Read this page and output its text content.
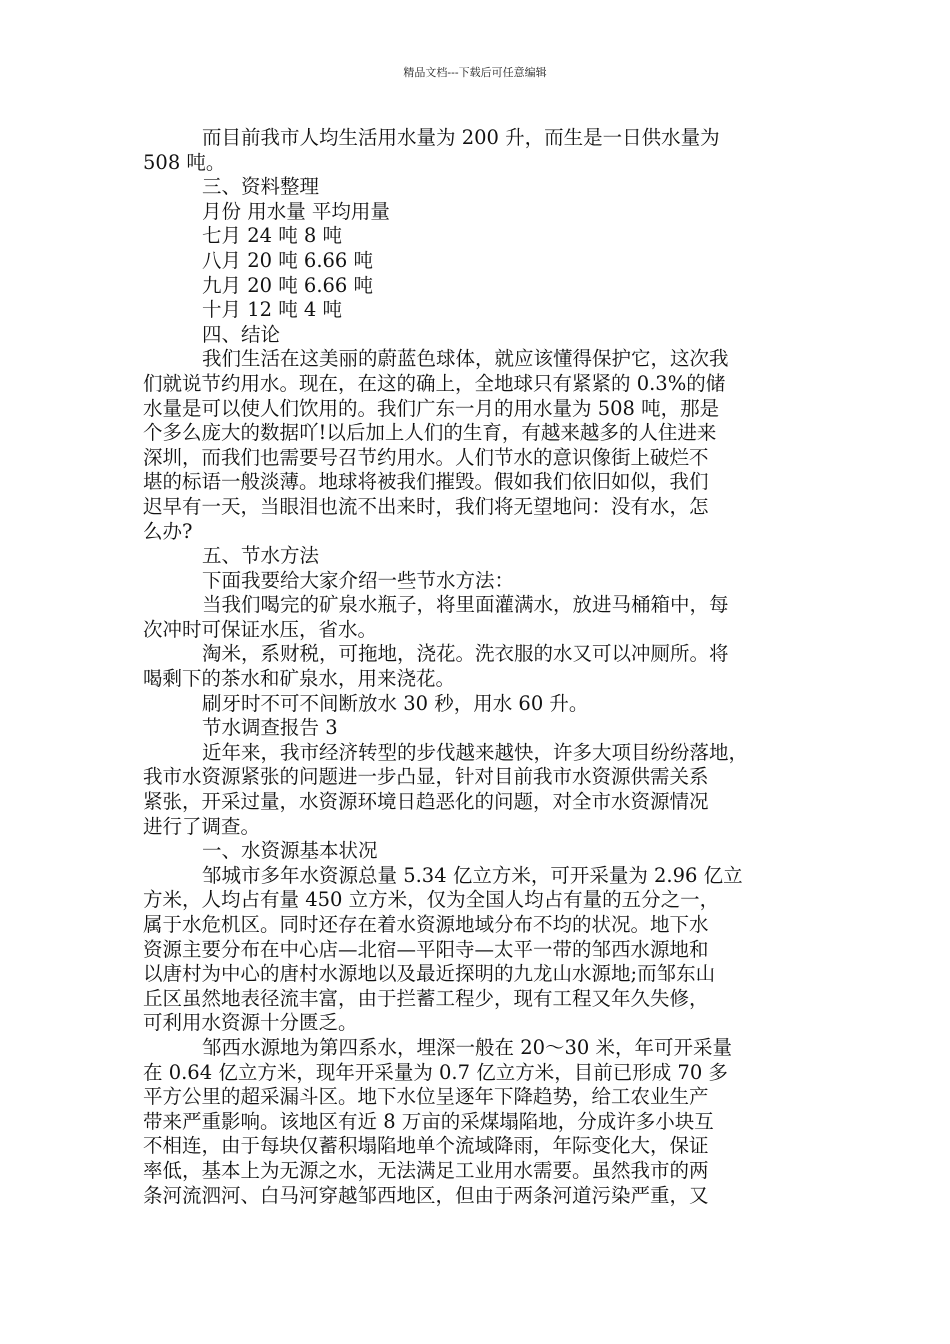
精品文档---下载后可任意编辑

而目前我市人均生活用水量为 200 升，而生是一日供水量为

508 吨。

三、资料整理

月份 用水量 平均用量

七月 24 吨 8 吨

八月 20 吨 6.66 吨

九月 20 吨 6.66 吨

十月 12 吨 4 吨

四、结论

我们生活在这美丽的蔚蓝色球体，就应该懂得保护它，这次我

们就说节约用水。现在，在这的确上，全地球只有紧紧的 0.3%的储

水量是可以使人们饮用的。我们广东一月的用水量为 508 吨，那是

个多么庞大的数据吖!以后加上人们的生育，有越来越多的人住进来

深圳，而我们也需要号召节约用水。人们节水的意识像街上破烂不

堪的标语一般淡薄。地球将被我们摧毁。假如我们依旧如似，我们

迟早有一天，当眼泪也流不出来时，我们将无望地问：没有水，怎

么办?

五、节水方法

下面我要给大家介绍一些节水方法：

当我们喝完的矿泉水瓶子，将里面灌满水，放进马桶箱中，每

次冲时可保证水压，省水。

淘米，系财税，可拖地，浇花。洗衣服的水又可以冲厕所。将

喝剩下的茶水和矿泉水，用来浇花。

刷牙时不可不间断放水 30 秒，用水 60 升。

节水调查报告 3

近年来，我市经济转型的步伐越来越快，许多大项目纷纷落地，

我市水资源紧张的问题进一步凸显，针对目前我市水资源供需关系

紧张，开采过量，水资源环境日趋恶化的问题，对全市水资源情况

进行了调查。

一、水资源基本状况

邹城市多年水资源总量 5.34 亿立方米，可开采量为 2.96 亿立

方米，人均占有量 450 立方米，仅为全国人均占有量的五分之一，

属于水危机区。同时还存在着水资源地域分布不均的状况。地下水

资源主要分布在中心店—北宿—平阳寺—太平一带的邹西水源地和

以唐村为中心的唐村水源地以及最近探明的九龙山水源地;而邹东山

丘区虽然地表径流丰富，由于拦蓄工程少，现有工程又年久失修，

可利用水资源十分匮乏。

邹西水源地为第四系水，埋深一般在 20～30 米，年可开采量

在 0.64 亿立方米，现年开采量为 0.7 亿立方米，目前已形成 70 多

平方公里的超采漏斗区。地下水位呈逐年下降趋势，给工农业生产

带来严重影响。该地区有近 8 万亩的采煤塌陷地，分成许多小块互

不相连，由于每块仅蓄积塌陷地单个流域降雨，年际变化大，保证

率低，基本上为无源之水，无法满足工业用水需要。虽然我市的两

条河流泗河、白马河穿越邹西地区，但由于两条河道污染严重，又
